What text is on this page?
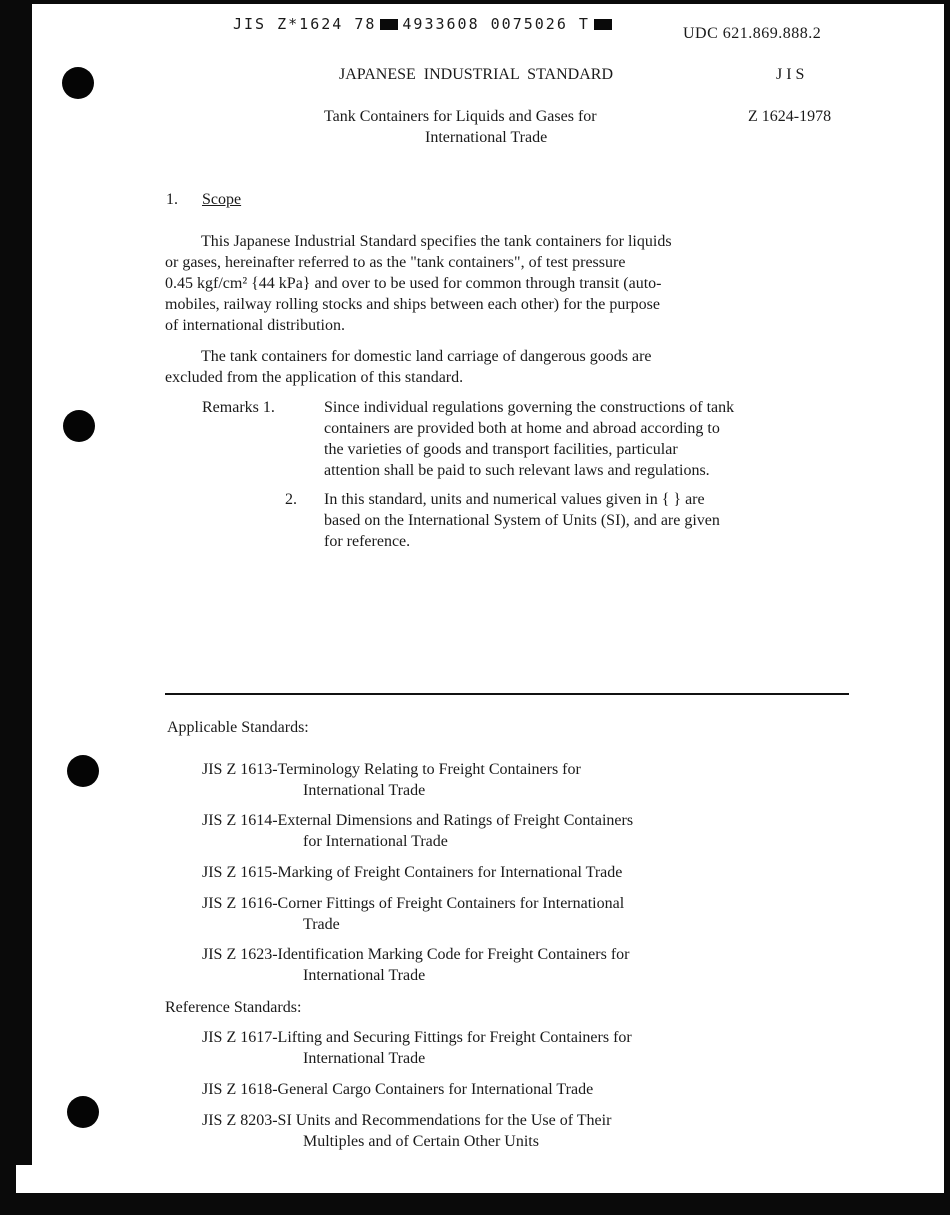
JIS Z*1624 78 4933608 0075026 T
UDC 621.869.888.2
JAPANESE  INDUSTRIAL  STANDARD	J I S
Tank Containers for Liquids and Gases for
International Trade
Z 1624-1978
1. Scope
This Japanese Industrial Standard specifies the tank containers for liquids
or gases, hereinafter referred to as the "tank containers", of test pressure
0.45 kgf/cm² {44 kPa} and over to be used for common through transit (auto-
mobiles, railway rolling stocks and ships between each other) for the purpose
of international distribution.
The tank containers for domestic land carriage of dangerous goods are
excluded from the application of this standard.
Remarks 1.	Since individual regulations governing the constructions of tank
containers are provided both at home and abroad according to
the varieties of goods and transport facilities, particular
attention shall be paid to such relevant laws and regulations.
2. In this standard, units and numerical values given in { } are
based on the International System of Units (SI), and are given
for reference.
Applicable Standards:
JIS Z 1613-Terminology Relating to Freight Containers for
International Trade
JIS Z 1614-External Dimensions and Ratings of Freight Containers
for International Trade
JIS Z 1615-Marking of Freight Containers for International Trade
JIS Z 1616-Corner Fittings of Freight Containers for International
Trade
JIS Z 1623-Identification Marking Code for Freight Containers for
International Trade
Reference Standards:
JIS Z 1617-Lifting and Securing Fittings for Freight Containers for
International Trade
JIS Z 1618-General Cargo Containers for International Trade
JIS Z 8203-SI Units and Recommendations for the Use of Their
Multiples and of Certain Other Units
